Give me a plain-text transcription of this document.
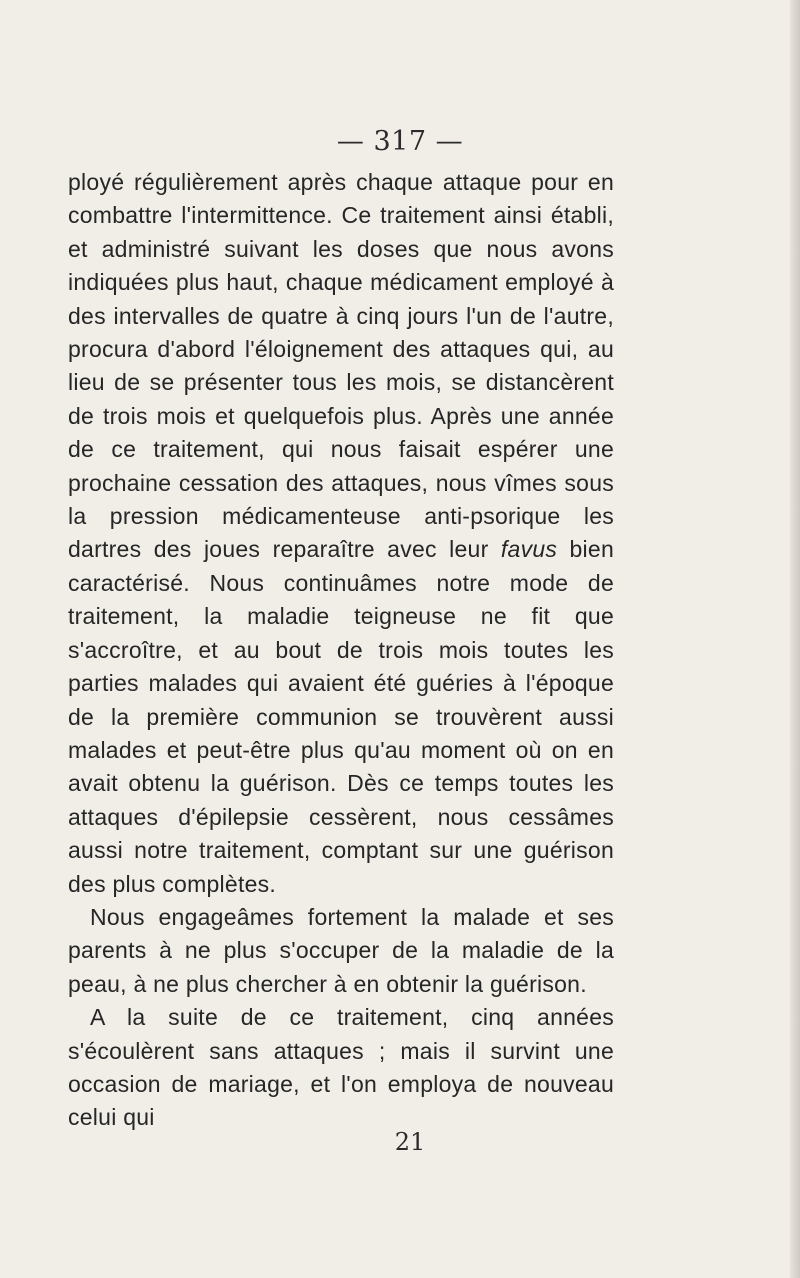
— 317 —

ployé régulièrement après chaque attaque pour en combattre l'intermittence. Ce traitement ainsi établi, et administré suivant les doses que nous avons indiquées plus haut, chaque médicament employé à des intervalles de quatre à cinq jours l'un de l'autre, procura d'abord l'éloignement des attaques qui, au lieu de se présenter tous les mois, se distancèrent de trois mois et quelquefois plus. Après une année de ce traitement, qui nous faisait espérer une prochaine cessation des attaques, nous vîmes sous la pression médicamenteuse anti-psorique les dartres des joues reparaître avec leur favus bien caractérisé. Nous continuâmes notre mode de traitement, la maladie teigneuse ne fit que s'accroître, et au bout de trois mois toutes les parties malades qui avaient été guéries à l'époque de la première communion se trouvèrent aussi malades et peut-être plus qu'au moment où on en avait obtenu la guérison. Dès ce temps toutes les attaques d'épilepsie cessèrent, nous cessâmes aussi notre traitement, comptant sur une guérison des plus complètes.

Nous engageâmes fortement la malade et ses parents à ne plus s'occuper de la maladie de la peau, à ne plus chercher à en obtenir la guérison.

A la suite de ce traitement, cinq années s'écoulèrent sans attaques ; mais il survint une occasion de mariage, et l'on employa de nouveau celui qui

21
